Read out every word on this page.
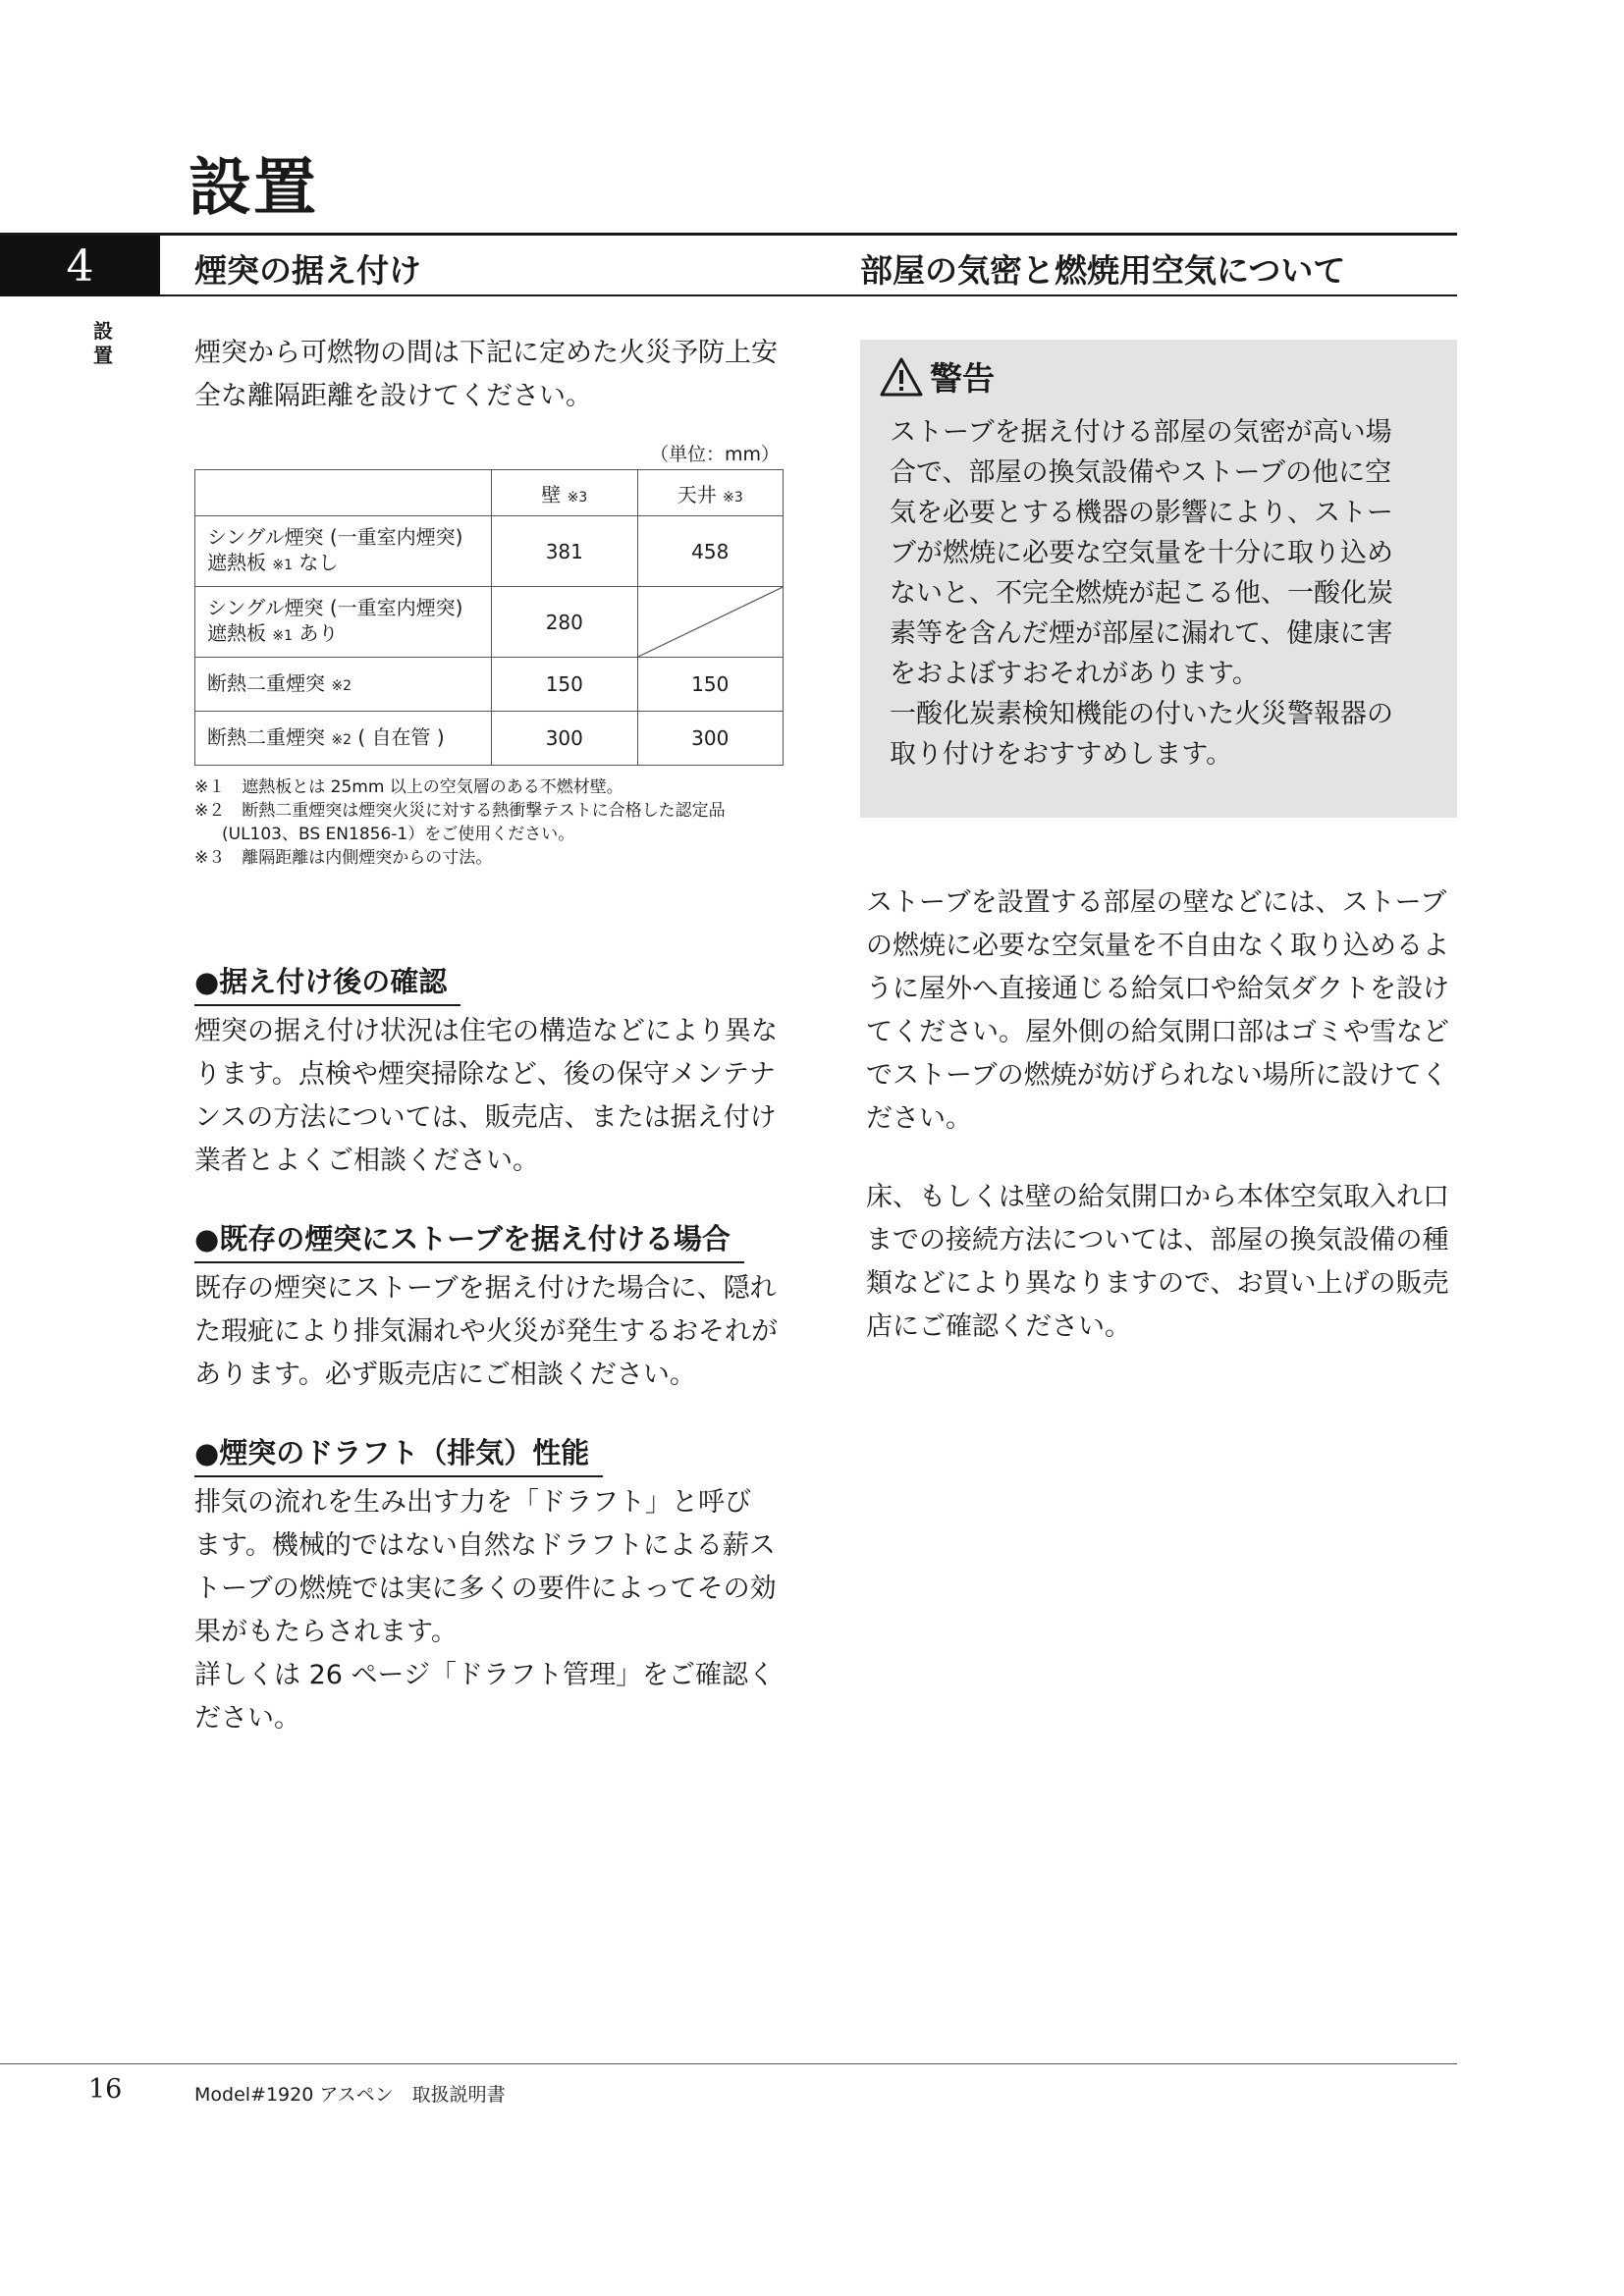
設置
4	煙突の据え付け	部屋の気密と燃焼用空気について
設置	煙突から可燃物の間は下記に定めた火災予防上安全な離隔距離を設けてください。

（単位：mm）
	壁 ※3	天井 ※3
シングル煙突 (一重室内煙突)
遮熱板 ※1 なし	381	458
シングル煙突 (一重室内煙突)
遮熱板 ※1 あり	280	

断熱二重煙突 ※2	150	150
断熱二重煙突 ※2 ( 自在管 )	300	300
※１　遮熱板とは 25mm 以上の空気層のある不燃材壁。
※２　断熱二重煙突は煙突火災に対する熱衝撃テストに合格した認定品
(UL103、BS EN1856-1）をご使用ください。
※３　離隔距離は内側煙突からの寸法。
●据え付け後の確認
煙突の据え付け状況は住宅の構造などにより異な
ります。点検や煙突掃除など、後の保守メンテナ
ンスの方法については、販売店、または据え付け
業者とよくご相談ください。
●既存の煙突にストーブを据え付ける場合
既存の煙突にストーブを据え付けた場合に、隠れ
た瑕疵により排気漏れや火災が発生するおそれが
あります。必ず販売店にご相談ください。
●煙突のドラフト（排気）性能
排気の流れを生み出す力を「ドラフト」と呼び
ます。機械的ではない自然なドラフトによる薪ス
トーブの燃焼では実に多くの要件によってその効
果がもたらされます。
詳しくは 26 ページ「ドラフト管理」をご確認く
ださい。
警告
ストーブを据え付ける部屋の気密が高い場
合で、部屋の換気設備やストーブの他に空
気を必要とする機器の影響により、ストー
ブが燃焼に必要な空気量を十分に取り込め
ないと、不完全燃焼が起こる他、一酸化炭
素等を含んだ煙が部屋に漏れて、健康に害
をおよぼすおそれがあります。
一酸化炭素検知機能の付いた火災警報器の
取り付けをおすすめします。
ストーブを設置する部屋の壁などには、ストーブ
の燃焼に必要な空気量を不自由なく取り込めるよ
うに屋外へ直接通じる給気口や給気ダクトを設け
てください。屋外側の給気開口部はゴミや雪など
でストーブの燃焼が妨げられない場所に設けてく
ださい。
床、もしくは壁の給気開口から本体空気取入れ口
までの接続方法については、部屋の換気設備の種
類などにより異なりますので、お買い上げの販売
店にご確認ください。
16	Model#1920 アスペン　取扱説明書
